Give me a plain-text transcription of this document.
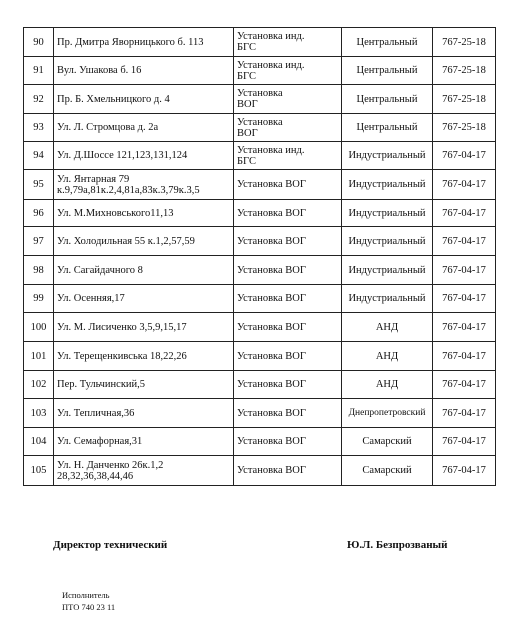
90	Пр. Дмитра Яворницького б. 113	Установка инд.
БГС	Центральный	767-25-18

91	Вул. Ушакова б. 16	Установка инд.
БГС	Центральный	767-25-18

92	Пр. Б. Хмельницкого д. 4	Установка
ВОГ	Центральный	767-25-18

93	Ул. Л. Стромцова д. 2а	Установка
ВОГ	Центральный	767-25-18

94	Ул. Д.Шоссе 121,123,131,124	Установка инд.
БГС	Индустриальный	767-04-17

95	Ул. Янтарная 79
к.9,79а,81к.2,4,81а,83к.3,79к.3,5	Установка ВОГ	Индустриальный	767-04-17

96	Ул. М.Михновського11,13	Установка ВОГ	Индустриальный	767-04-17

97	Ул. Холодильная 55 к.1,2,57,59	Установка ВОГ	Индустриальный	767-04-17

98	Ул. Сагайдачного 8	Установка ВОГ	Индустриальный	767-04-17

99	Ул. Осенняя,17	Установка ВОГ	Индустриальный	767-04-17

100	Ул. М. Лисиченко 3,5,9,15,17	Установка ВОГ	АНД	767-04-17

101	Ул. Терещенкивська 18,22,26	Установка ВОГ	АНД	767-04-17

102	Пер. Тульчинский,5	Установка ВОГ	АНД	767-04-17

103	Ул. Тепличная,36	Установка ВОГ	Днепропетровский	767-04-17

104	Ул. Семафорная,31	Установка ВОГ	Самарский	767-04-17

105	Ул. Н. Данченко 26к.1,2
28,32,36,38,44,46	Установка ВОГ	Самарский	767-04-17
Директор технический	Ю.Л. Безпрозваный
Исполнитель
ПТО 740 23 11
